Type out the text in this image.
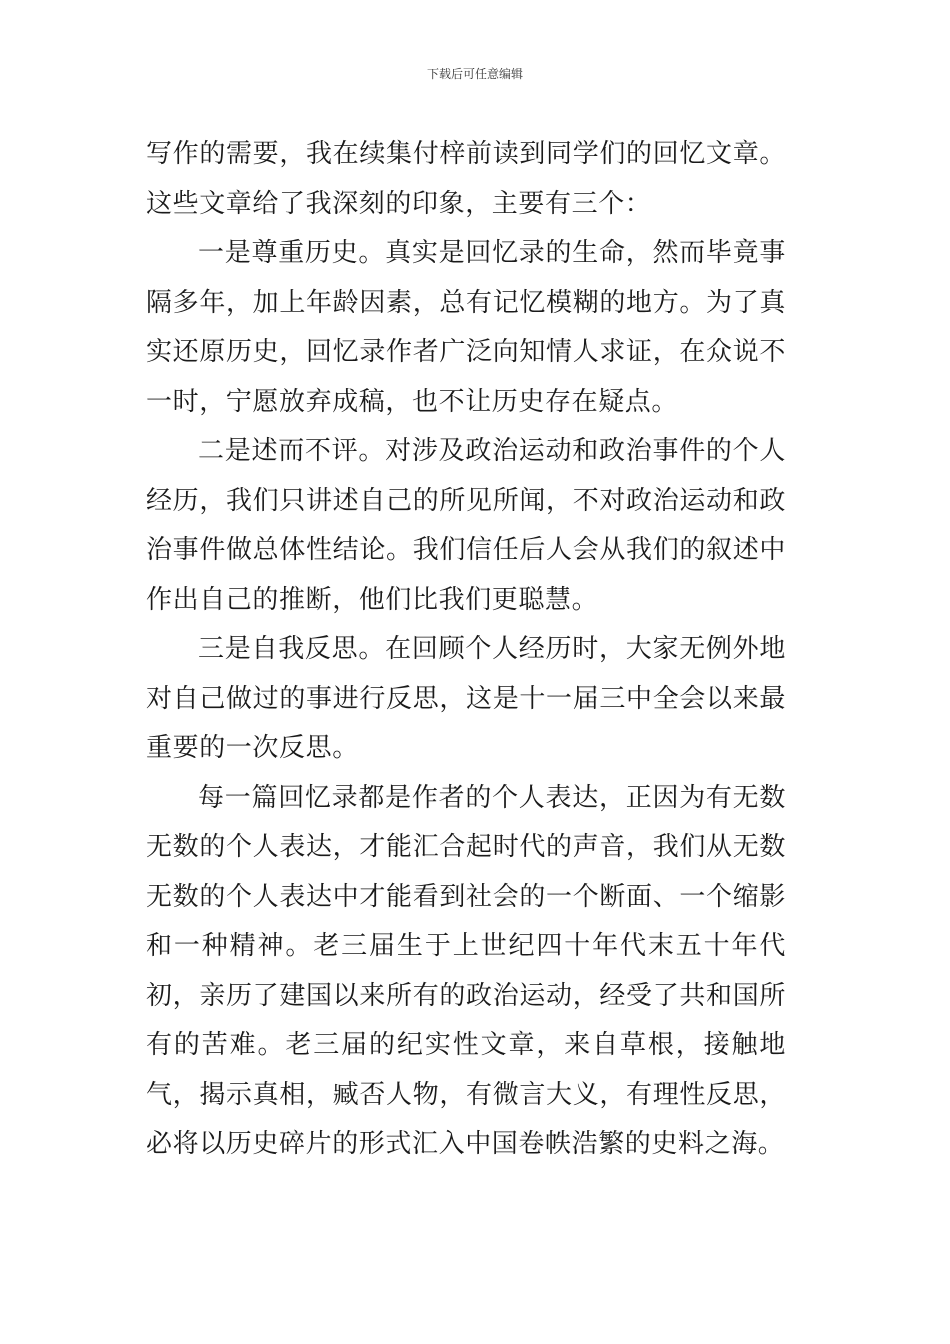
下载后可任意编辑

写作的需要，我在续集付梓前读到同学们的回忆文章。这些文章给了我深刻的印象，主要有三个：

一是尊重历史。真实是回忆录的生命，然而毕竟事隔多年，加上年龄因素，总有记忆模糊的地方。为了真实还原历史，回忆录作者广泛向知情人求证，在众说不一时，宁愿放弃成稿，也不让历史存在疑点。

二是述而不评。对涉及政治运动和政治事件的个人经历，我们只讲述自己的所见所闻，不对政治运动和政治事件做总体性结论。我们信任后人会从我们的叙述中作出自己的推断，他们比我们更聪慧。

三是自我反思。在回顾个人经历时，大家无例外地对自己做过的事进行反思，这是十一届三中全会以来最重要的一次反思。

每一篇回忆录都是作者的个人表达，正因为有无数无数的个人表达，才能汇合起时代的声音，我们从无数无数的个人表达中才能看到社会的一个断面、一个缩影和一种精神。老三届生于上世纪四十年代末五十年代初，亲历了建国以来所有的政治运动，经受了共和国所有的苦难。老三届的纪实性文章，来自草根，接触地气，揭示真相，臧否人物，有微言大义，有理性反思，必将以历史碎片的形式汇入中国卷帙浩繁的史料之海。
